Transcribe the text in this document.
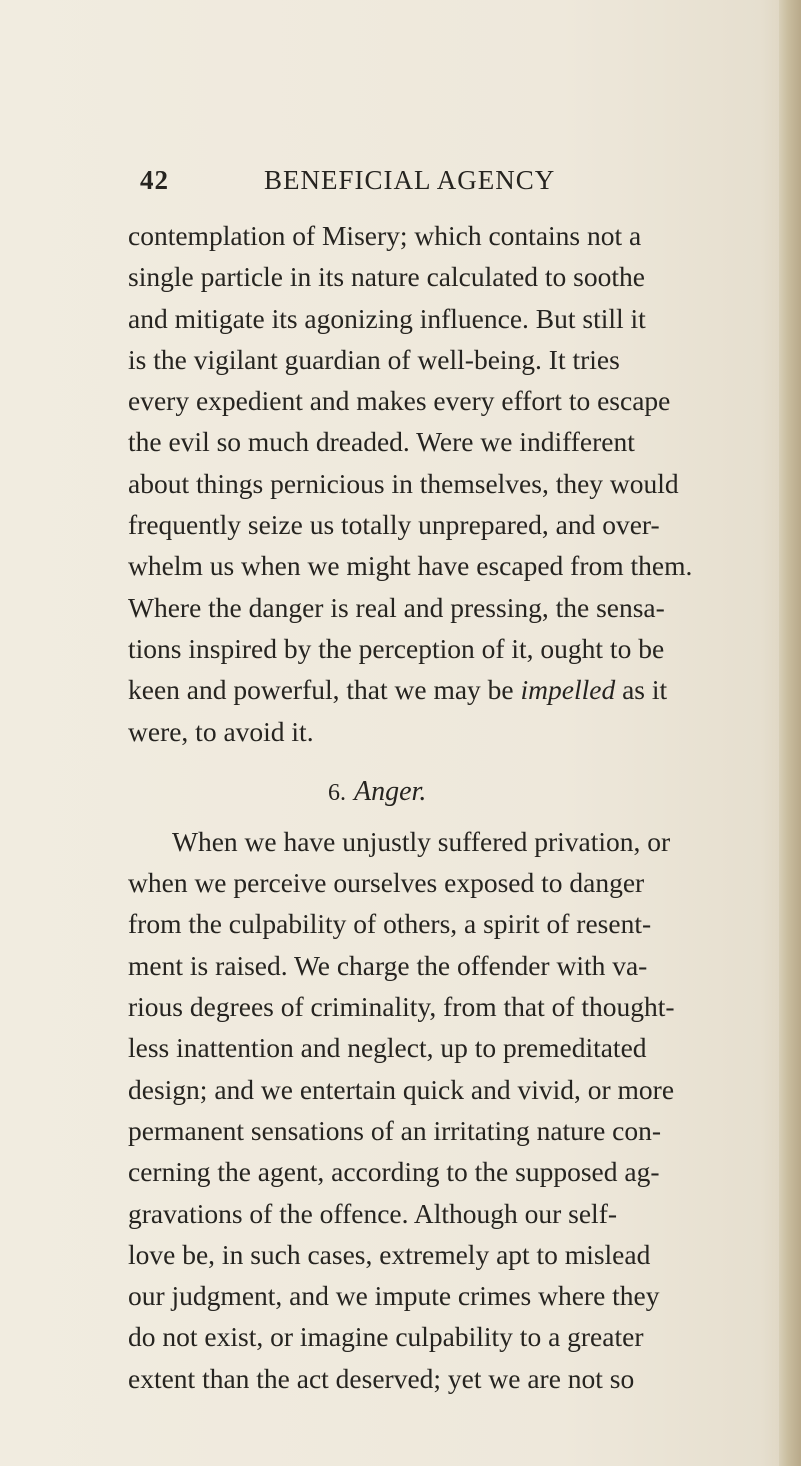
42	BENEFICIAL AGENCY
contemplation of Misery; which contains not a
single particle in its nature calculated to soothe
and mitigate its agonizing influence. But still it
is the vigilant guardian of well-being. It tries
every expedient and makes every effort to escape
the evil so much dreaded. Were we indifferent
about things pernicious in themselves, they would
frequently seize us totally unprepared, and over-
whelm us when we might have escaped from them.
Where the danger is real and pressing, the sensa-
tions inspired by the perception of it, ought to be
keen and powerful, that we may be impelled as it
were, to avoid it.
6. Anger.
When we have unjustly suffered privation, or
when we perceive ourselves exposed to danger
from the culpability of others, a spirit of resent-
ment is raised. We charge the offender with va-
rious degrees of criminality, from that of thought-
less inattention and neglect, up to premeditated
design; and we entertain quick and vivid, or more
permanent sensations of an irritating nature con-
cerning the agent, according to the supposed ag-
gravations of the offence. Although our self-
love be, in such cases, extremely apt to mislead
our judgment, and we impute crimes where they
do not exist, or imagine culpability to a greater
extent than the act deserved; yet we are not so
